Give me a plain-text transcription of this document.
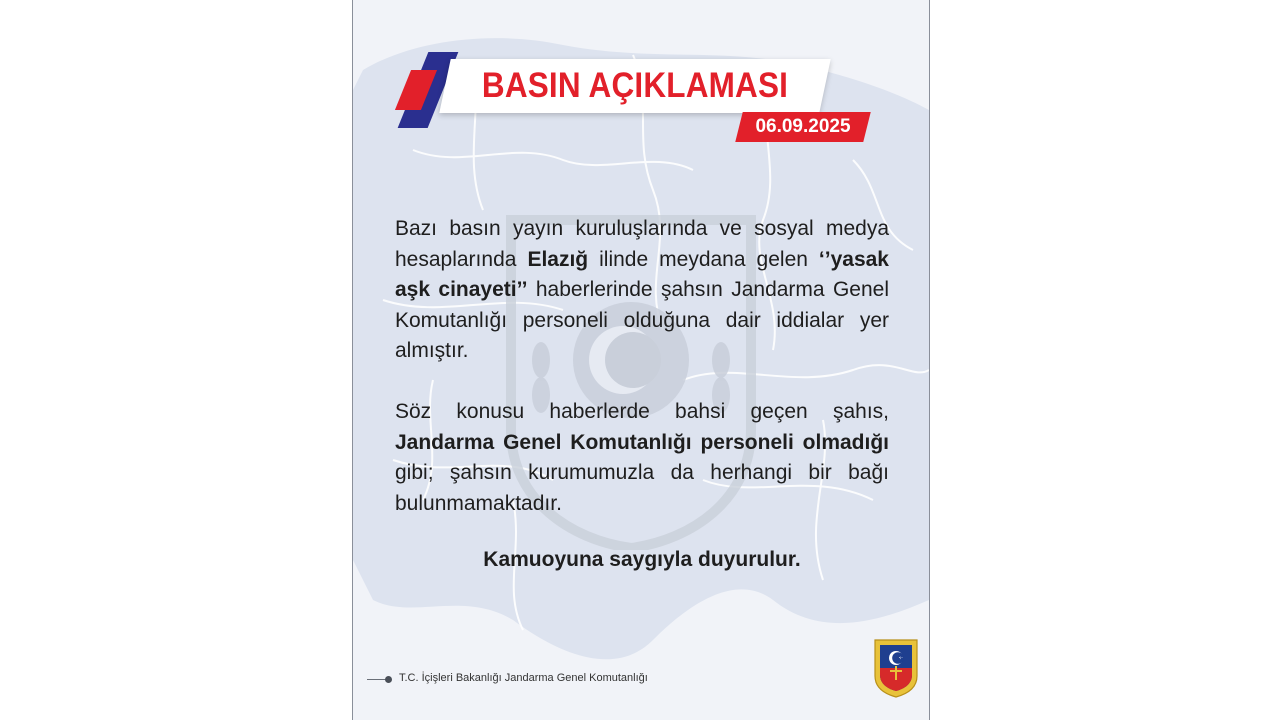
BASIN AÇIKLAMASI
06.09.2025

Bazı basın yayın kuruluşlarında ve sosyal medya hesaplarında Elazığ ilinde meydana gelen ‘’yasak aşk cinayeti’’ haberlerinde şahsın Jandarma Genel Komutanlığı personeli olduğuna dair iddialar yer almıştır.

Söz konusu haberlerde bahsi geçen şahıs, Jandarma Genel Komutanlığı personeli olmadığı gibi; şahsın kurumumuzla da herhangi bir bağı bulunmamaktadır.

Kamuoyuna saygıyla duyurulur.
T.C. İçişleri Bakanlığı Jandarma Genel Komutanlığı
